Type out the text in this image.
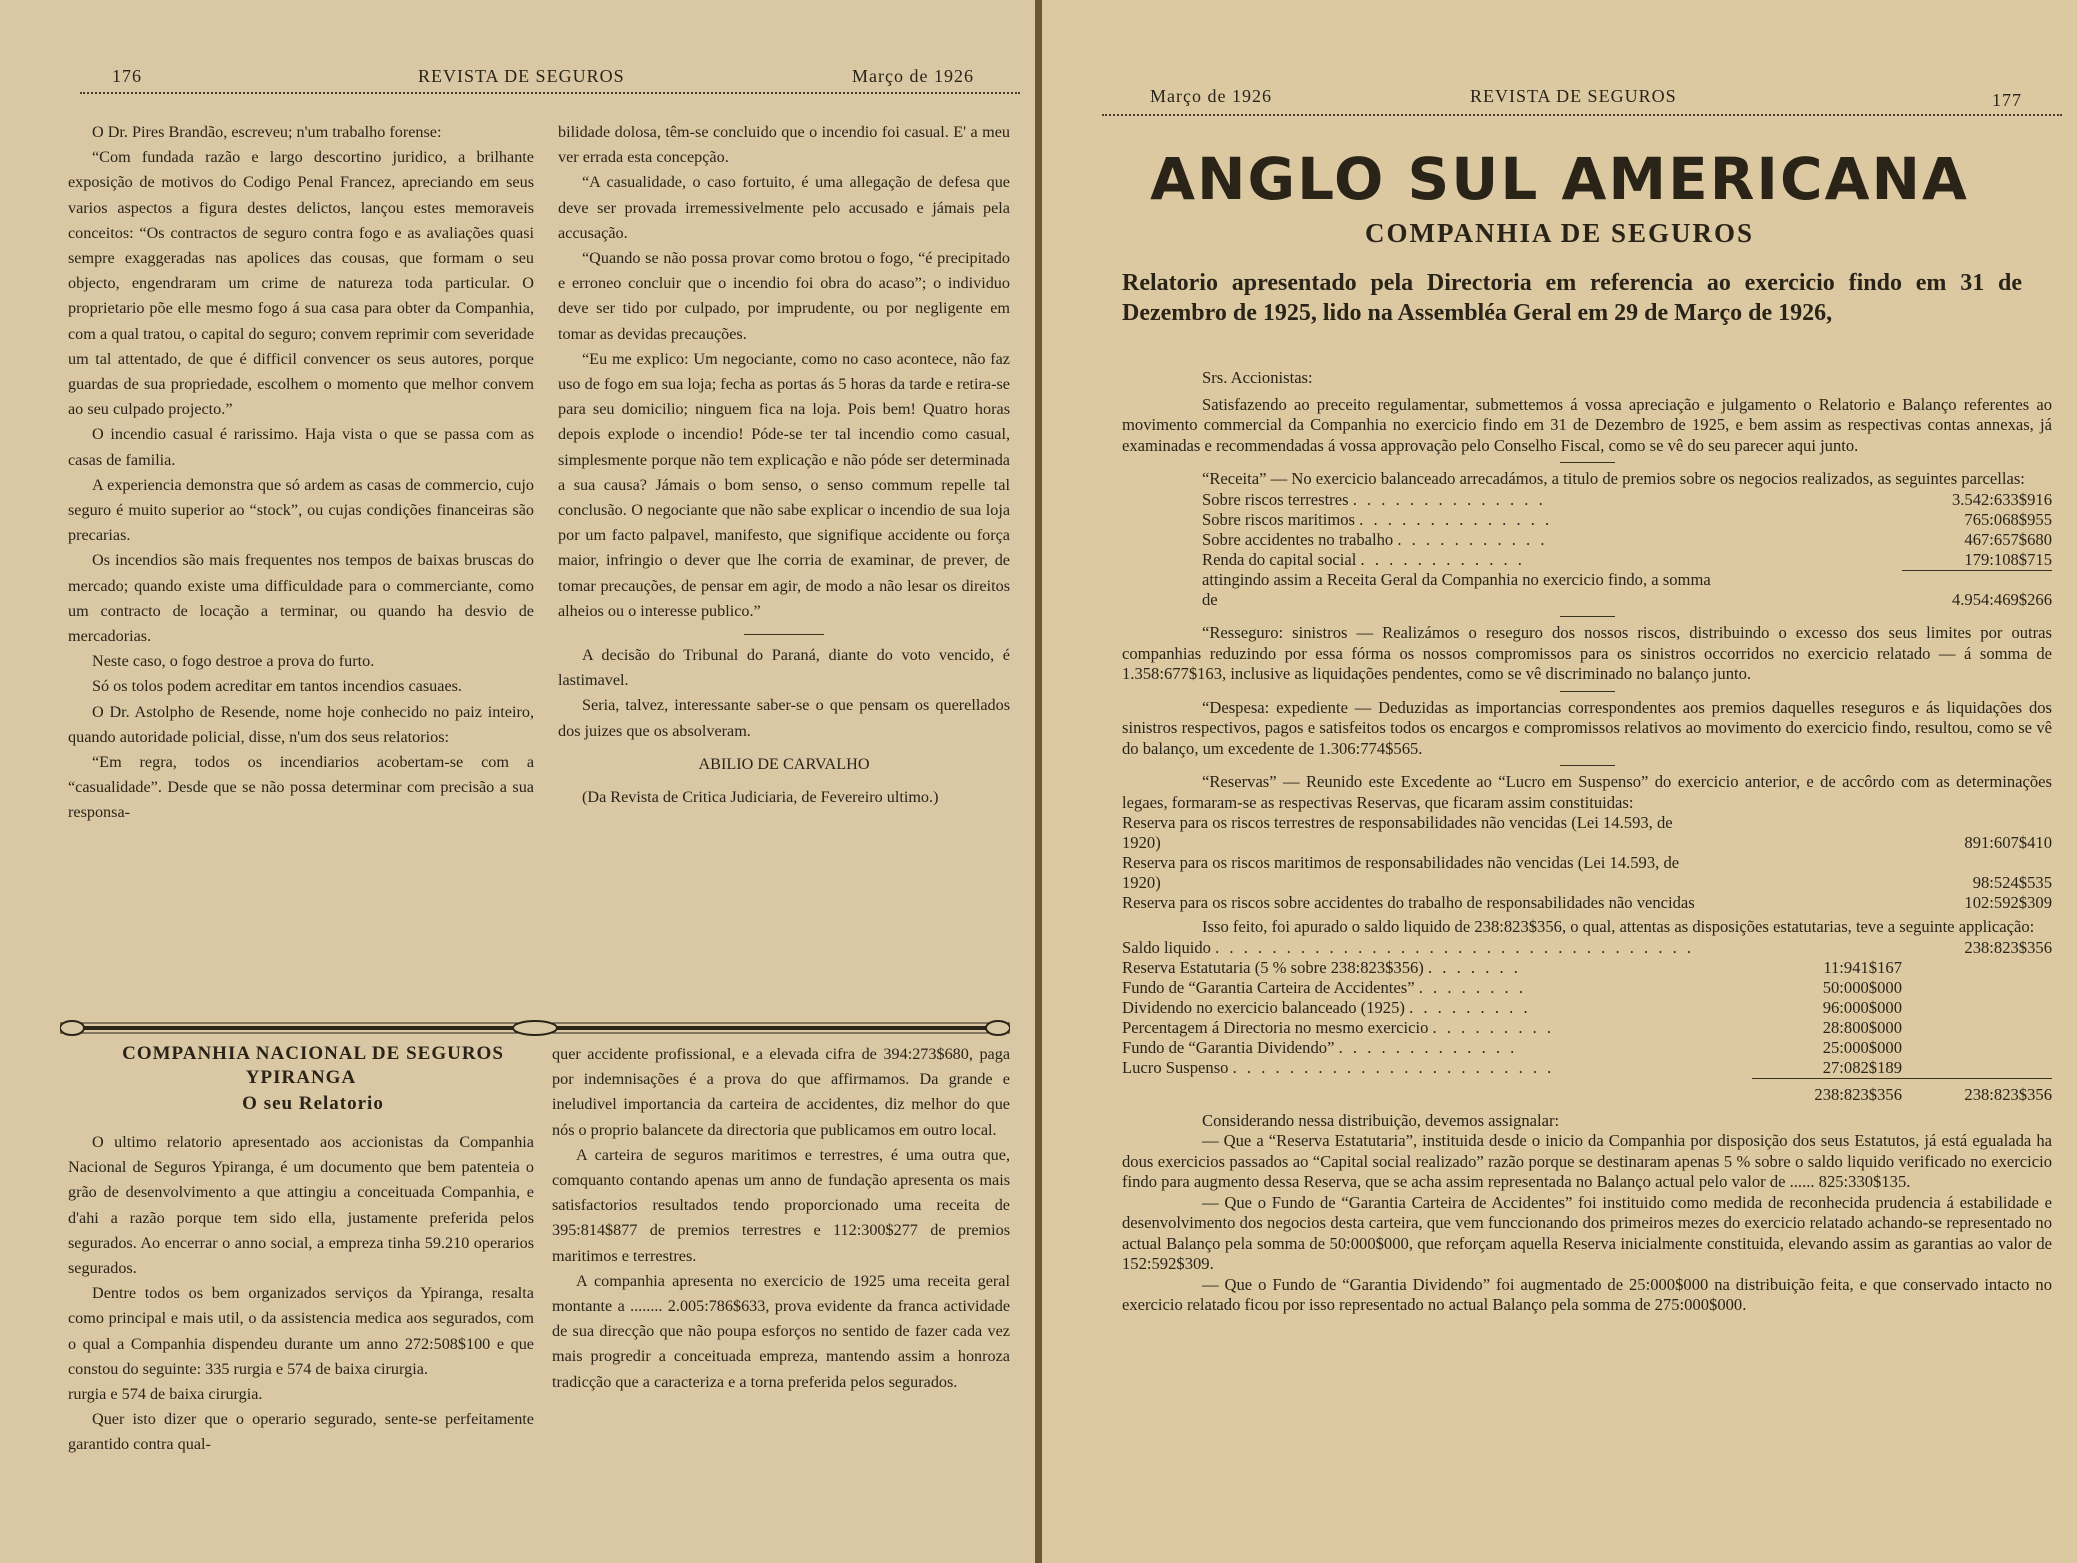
176	REVISTA DE SEGUROS	Março de 1926

O Dr. Pires Brandão, escreveu; n'um trabalho forense:

“Com fundada razão e largo descortino juridico, a brilhante exposição de motivos do Codigo Penal Francez, apreciando em seus varios aspectos a figura destes delictos, lançou estes memoraveis conceitos: “Os contractos de seguro contra fogo e as avaliações quasi sempre exaggeradas nas apolices das cousas, que formam o seu objecto, engendraram um crime de natureza toda particular. O proprietario põe elle mesmo fogo á sua casa para obter da Companhia, com a qual tratou, o capital do seguro; convem reprimir com severidade um tal attentado, de que é difficil convencer os seus autores, porque guardas de sua propriedade, escolhem o momento que melhor convem ao seu culpado projecto.”

O incendio casual é rarissimo. Haja vista o que se passa com as casas de familia.

A experiencia demonstra que só ardem as casas de commercio, cujo seguro é muito superior ao “stock”, ou cujas condições financeiras são precarias.

Os incendios são mais frequentes nos tempos de baixas bruscas do mercado; quando existe uma difficuldade para o commerciante, como um contracto de locação a terminar, ou quando ha desvio de mercadorias.

Neste caso, o fogo destroe a prova do furto.

Só os tolos podem acreditar em tantos incendios casuaes.

O Dr. Astolpho de Resende, nome hoje conhecido no paiz inteiro, quando autoridade policial, disse, n'um dos seus relatorios:

“Em regra, todos os incendiarios acobertam-se com a “casualidade”. Desde que se não possa determinar com precisão a sua responsa-

bilidade dolosa, têm-se concluido que o incendio foi casual. E' a meu ver errada esta concepção.

“A casualidade, o caso fortuito, é uma allegação de defesa que deve ser provada irremessivelmente pelo accusado e jámais pela accusação.

“Quando se não possa provar como brotou o fogo, “é precipitado e erroneo concluir que o incendio foi obra do acaso”; o individuo deve ser tido por culpado, por imprudente, ou por negligente em tomar as devidas precauções.

“Eu me explico: Um negociante, como no caso acontece, não faz uso de fogo em sua loja; fecha as portas ás 5 horas da tarde e retira-se para seu domicilio; ninguem fica na loja. Pois bem! Quatro horas depois explode o incendio! Póde-se ter tal incendio como casual, simplesmente porque não tem explicação e não póde ser determinada a sua causa? Jámais o bom senso, o senso commum repelle tal conclusão. O negociante que não sabe explicar o incendio de sua loja por um facto palpavel, manifesto, que signifique accidente ou força maior, infringio o dever que lhe corria de examinar, de prever, de tomar precauções, de pensar em agir, de modo a não lesar os direitos alheios ou o interesse publico.”

A decisão do Tribunal do Paraná, diante do voto vencido, é lastimavel.

Seria, talvez, interessante saber-se o que pensam os querellados dos juizes que os absolveram.

ABILIO DE CARVALHO

(Da Revista de Critica Judiciaria, de Fevereiro ultimo.)

COMPANHIA NACIONAL DE SEGUROS YPIRANGA

O seu Relatorio

O ultimo relatorio apresentado aos accionistas da Companhia Nacional de Seguros Ypiranga, é um documento que bem patenteia o grão de desenvolvimento a que attingiu a conceituada Companhia, e d'ahi a razão porque tem sido ella, justamente preferida pelos segurados. Ao encerrar o anno social, a empreza tinha 59.210 operarios segurados.

Dentre todos os bem organizados serviços da Ypiranga, resalta como principal e mais util, o da assistencia medica aos segurados, com o qual a Companhia dispendeu durante um anno 272:508$100 e que constou do seguinte: 335 rurgia e 574 de baixa cirurgia.

rurgia e 574 de baixa cirurgia.

Quer isto dizer que o operario segurado, sente-se perfeitamente garantido contra qual-

quer accidente profissional, e a elevada cifra de 394:273$680, paga por indemnisações é a prova do que affirmamos. Da grande e ineludivel importancia da carteira de accidentes, diz melhor do que nós o proprio balancete da directoria que publicamos em outro local.

A carteira de seguros maritimos e terrestres, é uma outra que, comquanto contando apenas um anno de fundação apresenta os mais satisfactorios resultados tendo proporcionado uma receita de 395:814$877 de premios terrestres e 112:300$277 de premios maritimos e terrestres.

A companhia apresenta no exercicio de 1925 uma receita geral montante a ........ 2.005:786$633, prova evidente da franca actividade de sua direcção que não poupa esforços no sentido de fazer cada vez mais progredir a conceituada empreza, mantendo assim a honroza tradicção que a caracteriza e a torna preferida pelos segurados.

Março de 1926	REVISTA DE SEGUROS	177
ANGLO SUL AMERICANA
COMPANHIA DE SEGUROS
Relatorio apresentado pela Directoria em referencia ao exercicio findo em 31 de Dezembro de 1925, lido na Assembléa Geral em 29 de Março de 1926,

Srs. Accionistas:

Satisfazendo ao preceito regulamentar, submettemos á vossa apreciação e julgamento o Relatorio e Balanço referentes ao movimento commercial da Companhia no exercicio findo em 31 de Dezembro de 1925, e bem assim as respectivas contas annexas, já examinadas e recommendadas á vossa approvação pelo Conselho Fiscal, como se vê do seu parecer aqui junto.

“Receita” — No exercicio balanceado arrecadámos, a titulo de premios sobre os negocios realizados, as seguintes parcellas:

Sobre riscos terrestres . . . . . . . . . . . . . .		3.542:633$916
Sobre riscos maritimos . . . . . . . . . . . . . .		765:068$955
Sobre accidentes no trabalho . . . . . . . . . . .		467:657$680
Renda do capital social . . . . . . . . . . . .		179:108$715
attingindo assim a Receita Geral da Companhia no exercicio findo, a somma de		4.954:469$266

“Resseguro: sinistros — Realizámos o reseguro dos nossos riscos, distribuindo o excesso dos seus limites por outras companhias reduzindo por essa fórma os nossos compromissos para os sinistros occorridos no exercicio relatado — á somma de 1.358:677$163, inclusive as liquidações pendentes, como se vê discriminado no balanço junto.

“Despesa: expediente — Deduzidas as importancias correspondentes aos premios daquelles reseguros e ás liquidações dos sinistros respectivos, pagos e satisfeitos todos os encargos e compromissos relativos ao movimento do exercicio findo, resultou, como se vê do balanço, um excedente de 1.306:774$565.

“Reservas” — Reunido este Excedente ao “Lucro em Suspenso” do exercicio anterior, e de accôrdo com as determinações legaes, formaram-se as respectivas Reservas, que ficaram assim constituidas:

Reserva para os riscos terrestres de responsabilidades não vencidas (Lei 14.593, de 1920)		891:607$410
Reserva para os riscos maritimos de responsabilidades não vencidas (Lei 14.593, de 1920)		98:524$535
Reserva para os riscos sobre accidentes do trabalho de responsabilidades não vencidas		102:592$309

Isso feito, foi apurado o saldo liquido de 238:823$356, o qual, attentas as disposições estatutarias, teve a seguinte applicação:

Saldo liquido . . . . . . . . . . . . . . . . . . . . . . . . . . . . . . . . . .		238:823$356
Reserva Estatutaria (5 % sobre 238:823$356) . . . . . . .	11:941$167	
Fundo de “Garantia Carteira de Accidentes” . . . . . . . .	50:000$000	
Dividendo no exercicio balanceado (1925) . . . . . . . . .	96:000$000	
Percentagem á Directoria no mesmo exercicio . . . . . . . . .	28:800$000	
Fundo de “Garantia Dividendo” . . . . . . . . . . . . .	25:000$000	
Lucro Suspenso . . . . . . . . . . . . . . . . . . . . . . .	27:082$189	
	238:823$356	238:823$356

Considerando nessa distribuição, devemos assignalar:

— Que a “Reserva Estatutaria”, instituida desde o inicio da Companhia por disposição dos seus Estatutos, já está egualada ha dous exercicios passados ao “Capital social realizado” razão porque se destinaram apenas 5 % sobre o saldo liquido verificado no exercicio findo para augmento dessa Reserva, que se acha assim representada no Balanço actual pelo valor de ...... 825:330$135.

— Que o Fundo de “Garantia Carteira de Accidentes” foi instituido como medida de reconhecida prudencia á estabilidade e desenvolvimento dos negocios desta carteira, que vem funccionando dos primeiros mezes do exercicio relatado achando-se representado no actual Balanço pela somma de 50:000$000, que reforçam aquella Reserva inicialmente constituida, elevando assim as garantias ao valor de 152:592$309.

— Que o Fundo de “Garantia Dividendo” foi augmentado de 25:000$000 na distribuição feita, e que conservado intacto no exercicio relatado ficou por isso representado no actual Balanço pela somma de 275:000$000.
